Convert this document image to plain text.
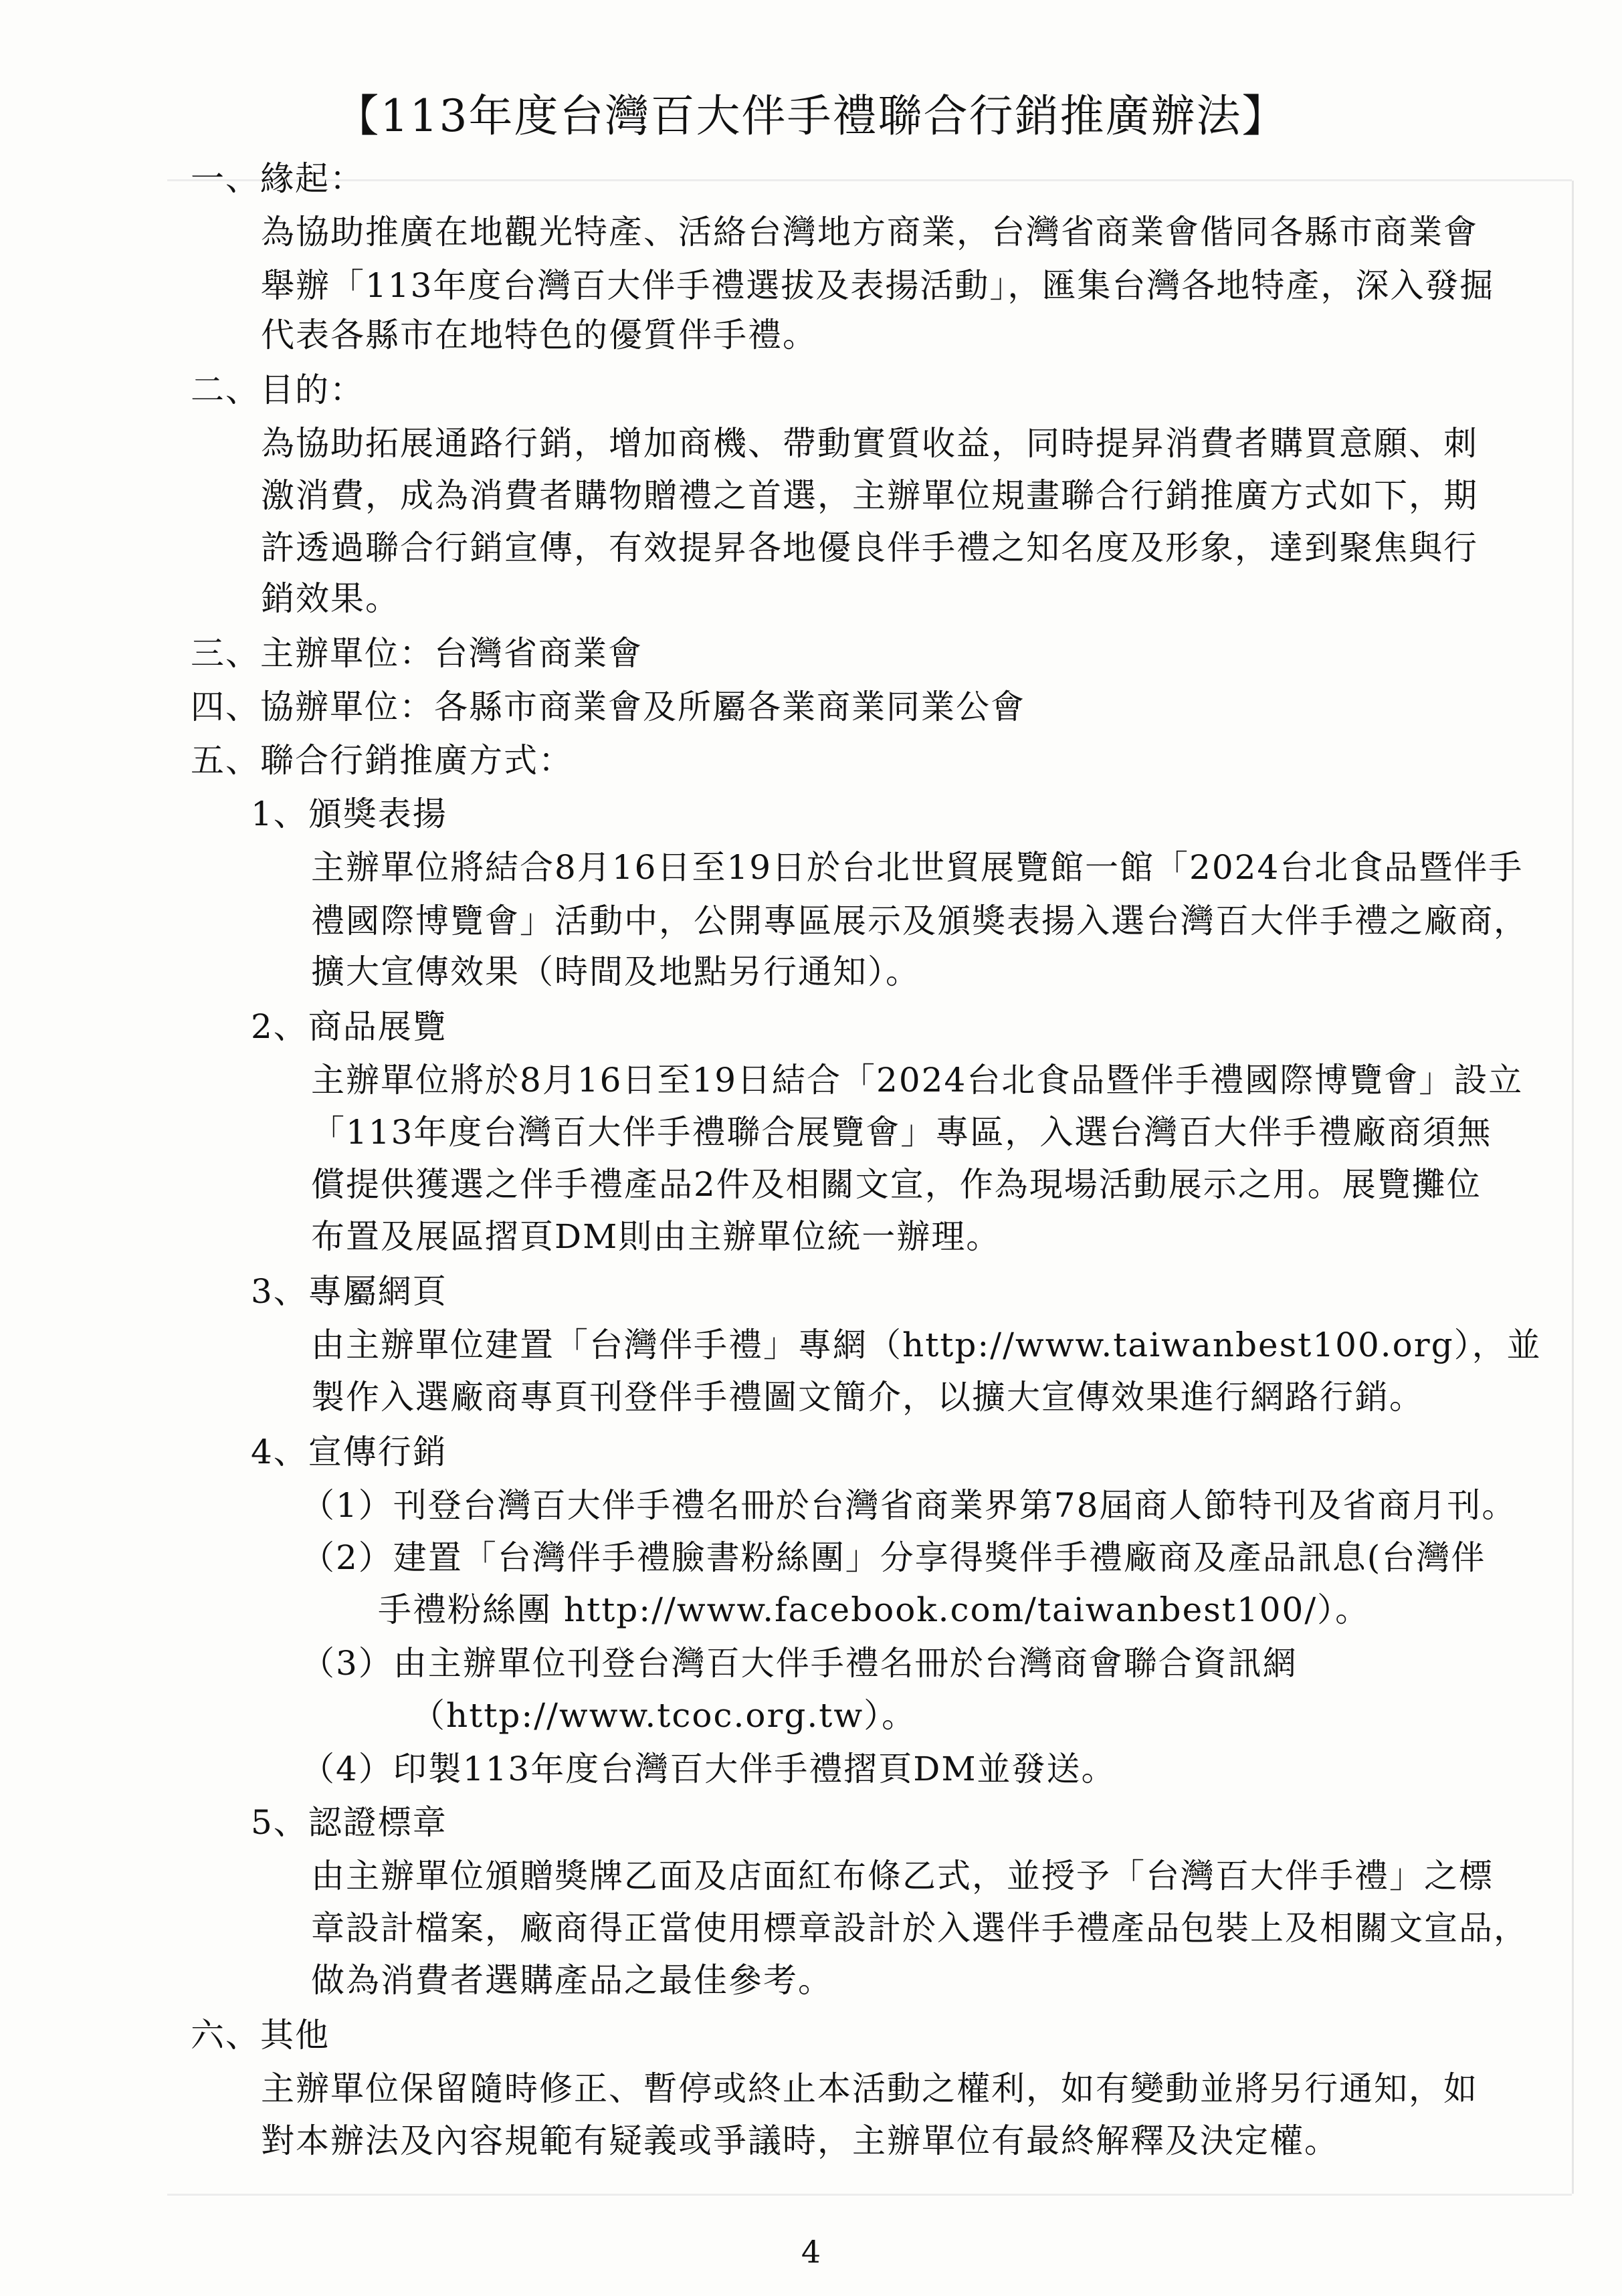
【113年度台灣百大伴手禮聯合行銷推廣辦法】
一、緣起：
為協助推廣在地觀光特產、活絡台灣地方商業，台灣省商業會偕同各縣市商業會
舉辦「113年度台灣百大伴手禮選拔及表揚活動」，匯集台灣各地特產，深入發掘
代表各縣市在地特色的優質伴手禮。
二、目的：
為協助拓展通路行銷，增加商機、帶動實質收益，同時提昇消費者購買意願、刺
激消費，成為消費者購物贈禮之首選，主辦單位規畫聯合行銷推廣方式如下，期
許透過聯合行銷宣傳，有效提昇各地優良伴手禮之知名度及形象，達到聚焦與行
銷效果。
三、主辦單位：台灣省商業會
四、協辦單位：各縣市商業會及所屬各業商業同業公會
五、聯合行銷推廣方式：
1、頒獎表揚
主辦單位將結合8月16日至19日於台北世貿展覽館一館「2024台北食品暨伴手
禮國際博覽會」活動中，公開專區展示及頒獎表揚入選台灣百大伴手禮之廠商，
擴大宣傳效果（時間及地點另行通知）。
2、商品展覽
主辦單位將於8月16日至19日結合「2024台北食品暨伴手禮國際博覽會」設立
「113年度台灣百大伴手禮聯合展覽會」專區，入選台灣百大伴手禮廠商須無
償提供獲選之伴手禮產品2件及相關文宣，作為現場活動展示之用。展覽攤位
布置及展區摺頁DM則由主辦單位統一辦理。
3、專屬網頁
由主辦單位建置「台灣伴手禮」專網（http://www.taiwanbest100.org），並
製作入選廠商專頁刊登伴手禮圖文簡介，以擴大宣傳效果進行網路行銷。
4、宣傳行銷
（1）刊登台灣百大伴手禮名冊於台灣省商業界第78屆商人節特刊及省商月刊。
（2）建置「台灣伴手禮臉書粉絲團」分享得獎伴手禮廠商及產品訊息(台灣伴
手禮粉絲團 http://www.facebook.com/taiwanbest100/）。
（3）由主辦單位刊登台灣百大伴手禮名冊於台灣商會聯合資訊網
（http://www.tcoc.org.tw）。
（4）印製113年度台灣百大伴手禮摺頁DM並發送。
5、認證標章
由主辦單位頒贈獎牌乙面及店面紅布條乙式，並授予「台灣百大伴手禮」之標
章設計檔案，廠商得正當使用標章設計於入選伴手禮產品包裝上及相關文宣品，
做為消費者選購產品之最佳參考。
六、其他
主辦單位保留隨時修正、暫停或終止本活動之權利，如有變動並將另行通知，如
對本辦法及內容規範有疑義或爭議時，主辦單位有最終解釋及決定權。
4
